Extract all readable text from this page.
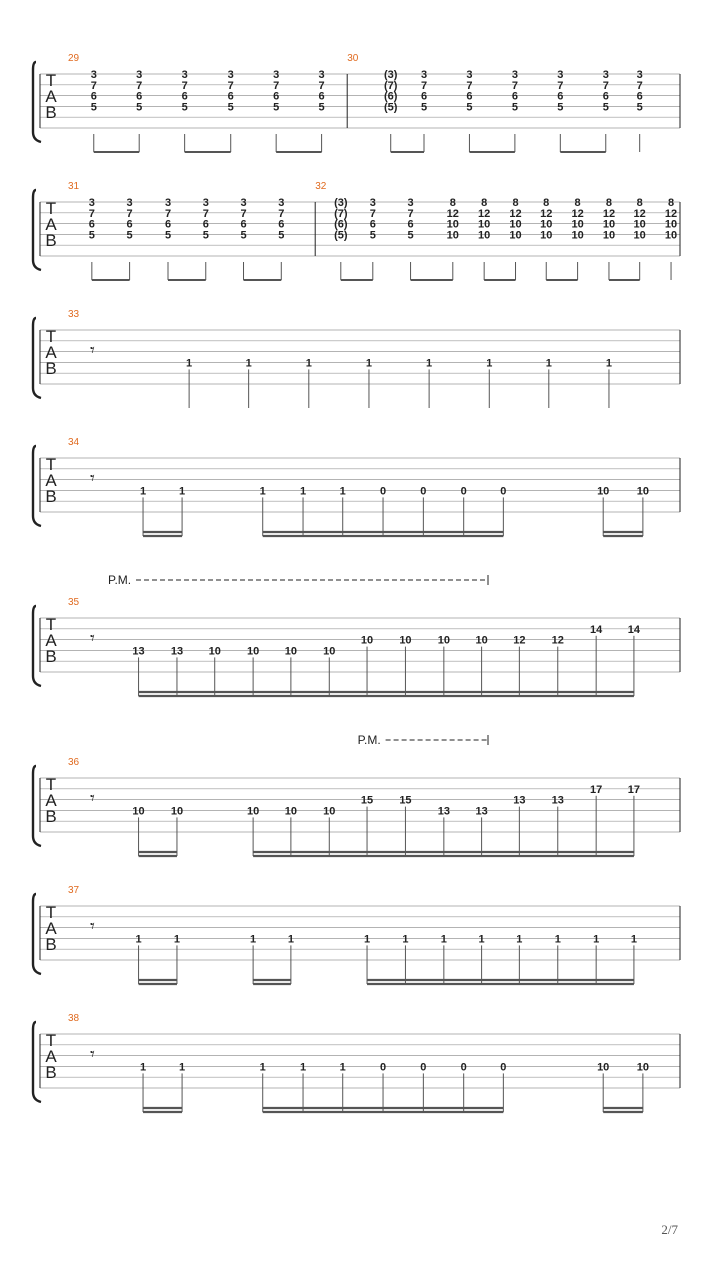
T
A
B
29	30
3
7
6
5
3
7
6
5
3
7
6
5
3
7
6
5
3
7
6
5
3
7
6
5
(3)
(7)
(6)
(5)
3
7
6
5
3
7
6
5
3
7
6
5
3
7
6
5
3
7
6
5
3
7
6
5
T
A
B
31	32
3
7
6
5
3
7
6
5
3
7
6
5
3
7
6
5
3
7
6
5
3
7
6
5
(3)
(7)
(6)
(5)
3
7
6
5
3
7
6
5
8
12
10
10
8
12
10
10
8
12
10
10
8
12
10
10
8
12
10
10
8
12
10
10
8
12
10
10
8
12
10
10
T
A
B
33
𝄾
1	1	1	1	1	1	1	1
T
A
B
34
𝄾
1	1	1	1	1	0	0	0	0	10 10
T
A
B
35
P.M.
𝄾
13 13 10 10 10 10
10 10 10 10 12 12
14 14
T
A
B
36
P.M.
𝄾
10 10	10 10 10
15 15
13 13
13 13
17 17
T
A
B
37
𝄾
1	1	1	1	1	1	1	1	1	1	1	1
T
A
B
38
𝄾
1	1	1	1	1	0	0	0	0	10 10
2/7
